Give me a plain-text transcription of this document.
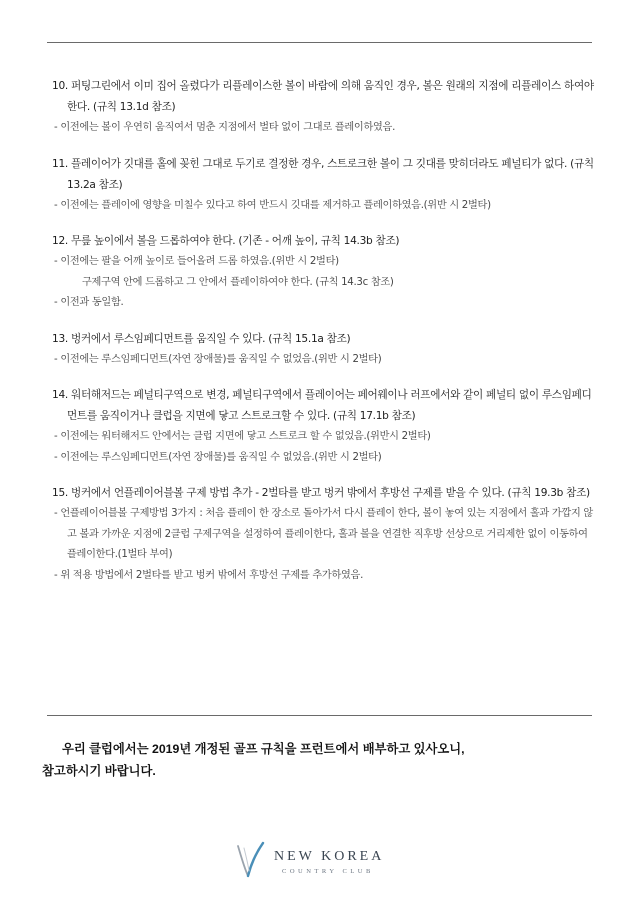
10. 퍼팅그린에서 이미 집어 올렸다가 리플레이스한 볼이 바람에 의해 움직인 경우, 볼은 원래의 지점에 리플레이스 하여야 한다. (규칙 13.1d 참조)
- 이전에는 볼이 우연히 움직여서 멈춘 지점에서 벌타 없이 그대로 플레이하였음.
11. 플레이어가 깃대를 홀에 꽂힌 그대로 두기로 결정한 경우, 스트로크한 볼이 그 깃대를 맞히더라도 페널티가 없다. (규칙 13.2a 참조)
- 이전에는 플레이에 영향을 미칠수 있다고 하여 반드시 깃대를 제거하고 플레이하였음.(위반 시 2벌타)
12. 무릎 높이에서 볼을 드롭하여야 한다. (기존 - 어깨 높이, 규칙 14.3b 참조)
- 이전에는 팔을 어깨 높이로 들어올려 드롭 하였음.(위반 시 2벌타)
구제구역 안에 드롭하고 그 안에서 플레이하여야 한다. (규칙 14.3c 참조)
- 이전과 동일함.
13. 벙커에서 루스임페디먼트를 움직일 수 있다. (규칙 15.1a 참조)
- 이전에는 루스임페디먼트(자연 장애물)를 움직일 수 없었음.(위반 시 2벌타)
14. 워터해저드는 페널티구역으로 변경, 페널티구역에서 플레이어는 페어웨이나 러프에서와 같이 페널티 없이 루스임페디먼트를 움직이거나 클럽을 지면에 닿고 스트로크할 수 있다. (규칙 17.1b 참조)
- 이전에는 워터해저드 안에서는 클럽 지면에 닿고 스트로크 할 수 없었음.(위반시 2벌타)
- 이전에는 루스임페디먼트(자연 장애물)를 움직일 수 없었음.(위반 시 2벌타)
15. 벙커에서 언플레이어블볼 구제 방법 추가 - 2벌타를 받고 벙커 밖에서 후방선 구제를 받을 수 있다. (규칙 19.3b 참조)
- 언플레이어블볼 구제방법 3가지 : 처음 플레이 한 장소로 돌아가서 다시 플레이 한다, 볼이 놓여 있는 지점에서 홀과 가깝지 않고 볼과 가까운 지점에 2클럽 구제구역을 설정하여 플레이한다, 홀과 볼을 연결한 직후방 선상으로 거리제한 없이 이동하여 플레이한다.(1벌타 부여)
- 위 적용 방법에서 2벌타를 받고 벙커 밖에서 후방선 구제를 추가하였음.

우리 클럽에서는 2019년 개정된 골프 규칙을 프런트에서 배부하고 있사오니,

참고하시기 바랍니다.

NEW KOREA
COUNTRY CLUB
